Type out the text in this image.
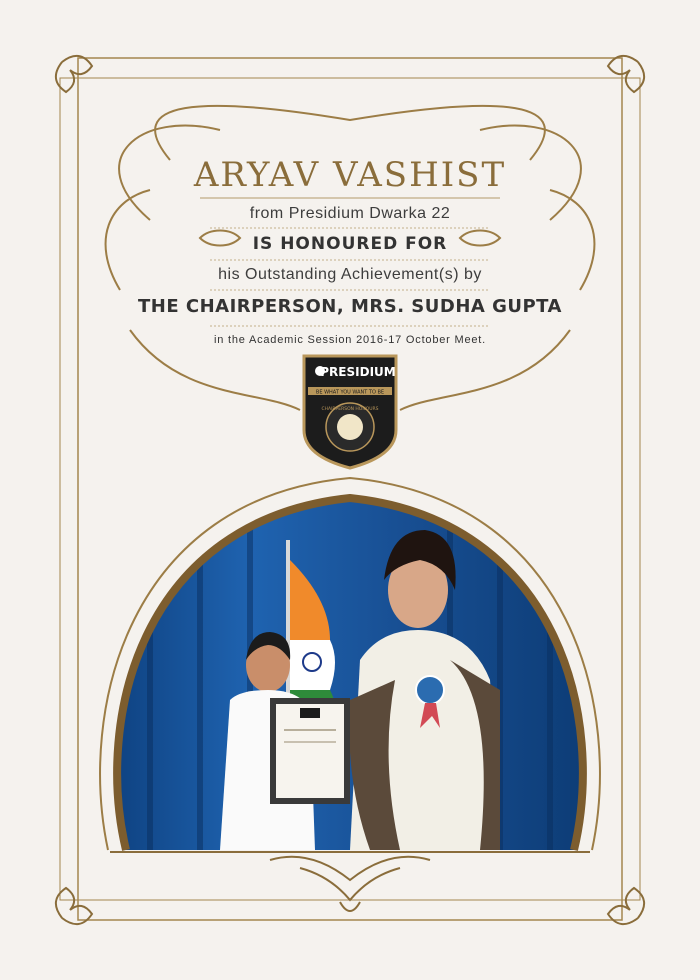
ARYAV VASHIST
from Presidium Dwarka 22
IS HONOURED FOR
his Outstanding Achievement(s) by
THE CHAIRPERSON, MRS. SUDHA GUPTA
in the Academic Session 2016-17 October Meet.
PRESIDIUM
BE WHAT YOU WANT TO BE
CHAIRPERSON HONOURS
